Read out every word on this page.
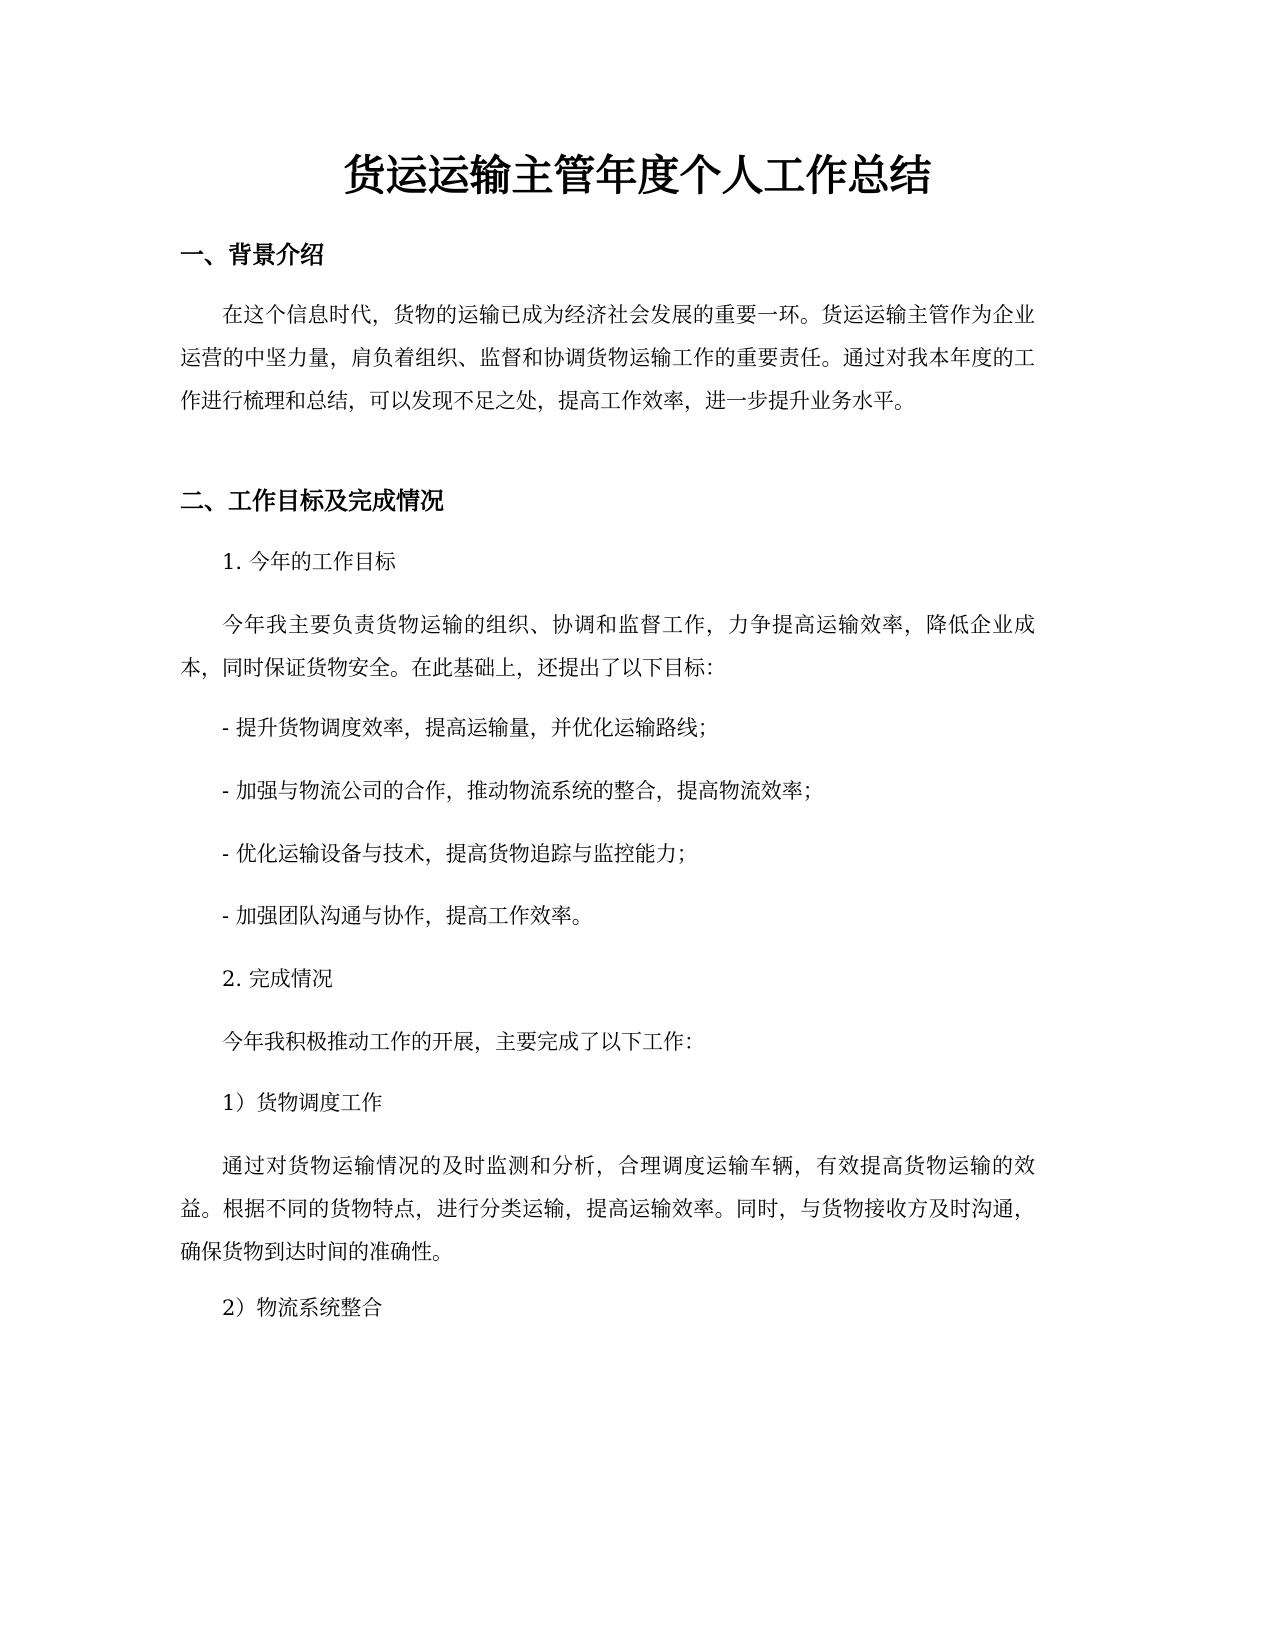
货运运输主管年度个人工作总结
一、背景介绍

在这个信息时代，货物的运输已成为经济社会发展的重要一环。货运运输主管作为企业运营的中坚力量，肩负着组织、监督和协调货物运输工作的重要责任。通过对我本年度的工作进行梳理和总结，可以发现不足之处，提高工作效率，进一步提升业务水平。

二、工作目标及完成情况

1. 今年的工作目标

今年我主要负责货物运输的组织、协调和监督工作，力争提高运输效率，降低企业成本，同时保证货物安全。在此基础上，还提出了以下目标：

- 提升货物调度效率，提高运输量，并优化运输路线；

- 加强与物流公司的合作，推动物流系统的整合，提高物流效率；

- 优化运输设备与技术，提高货物追踪与监控能力；

- 加强团队沟通与协作，提高工作效率。

2. 完成情况

今年我积极推动工作的开展，主要完成了以下工作：

1）货物调度工作

通过对货物运输情况的及时监测和分析，合理调度运输车辆，有效提高货物运输的效益。根据不同的货物特点，进行分类运输，提高运输效率。同时，与货物接收方及时沟通，确保货物到达时间的准确性。

2）物流系统整合
